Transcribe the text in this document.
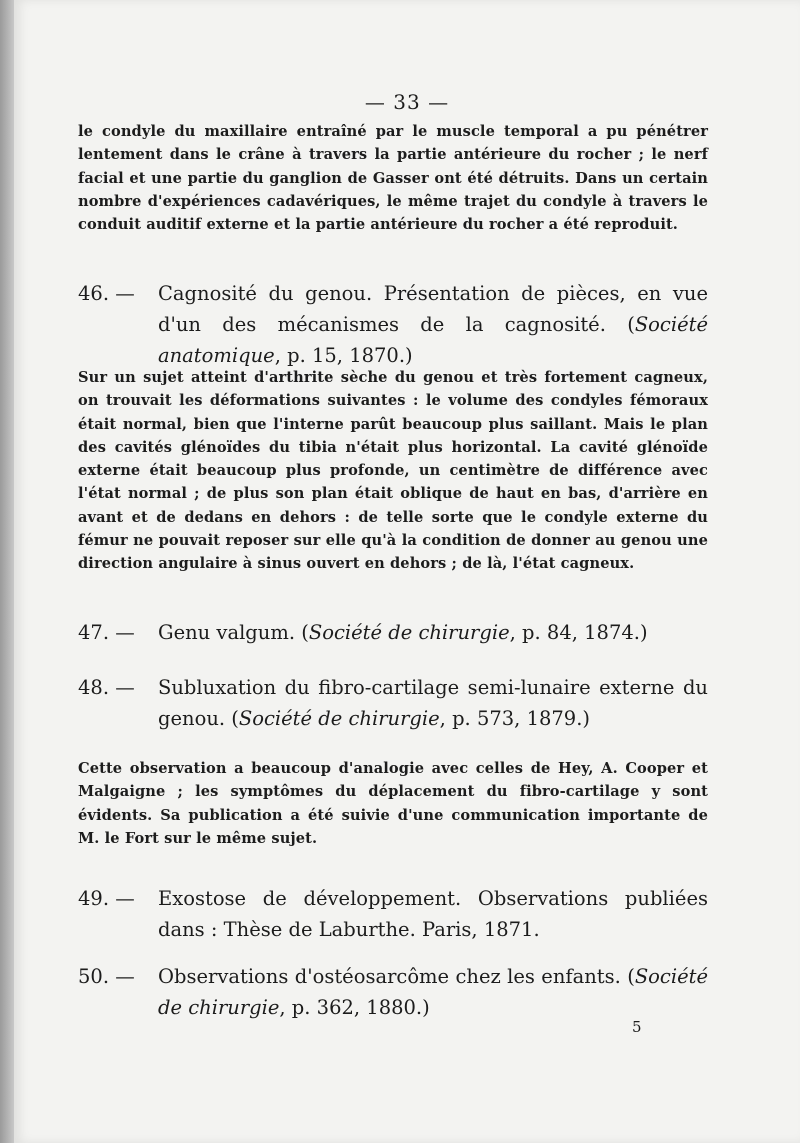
— 33 —

le condyle du maxillaire entraîné par le muscle temporal a pu pénétrer lentement dans le crâne à travers la partie antérieure du rocher ; le nerf facial et une partie du ganglion de Gasser ont été détruits. Dans un certain nombre d'expériences cadavériques, le même trajet du condyle à travers le conduit auditif externe et la partie antérieure du rocher a été reproduit.

46. — Cagnosité du genou. Présentation de pièces, en vue d'un des mécanismes de la cagnosité. (Société anatomique, p. 15, 1870.)

Sur un sujet atteint d'arthrite sèche du genou et très fortement cagneux, on trouvait les déformations suivantes : le volume des condyles fémoraux était normal, bien que l'interne parût beaucoup plus saillant. Mais le plan des cavités glénoïdes du tibia n'était plus horizontal. La cavité glénoïde externe était beaucoup plus profonde, un centimètre de différence avec l'état normal ; de plus son plan était oblique de haut en bas, d'arrière en avant et de dedans en dehors : de telle sorte que le condyle externe du fémur ne pouvait reposer sur elle qu'à la condition de donner au genou une direction angulaire à sinus ouvert en dehors ; de là, l'état cagneux.

47. — Genu valgum. (Société de chirurgie, p. 84, 1874.)

48. — Subluxation du fibro-cartilage semi-lunaire externe du genou. (Société de chirurgie, p. 573, 1879.)

Cette observation a beaucoup d'analogie avec celles de Hey, A. Cooper et Malgaigne ; les symptômes du déplacement du fibro-cartilage y sont évidents. Sa publication a été suivie d'une communication importante de M. le Fort sur le même sujet.

49. — Exostose de développement. Observations publiées dans : Thèse de Laburthe. Paris, 1871.

50. — Observations d'ostéosarcôme chez les enfants. (Société de chirurgie, p. 362, 1880.)

5
